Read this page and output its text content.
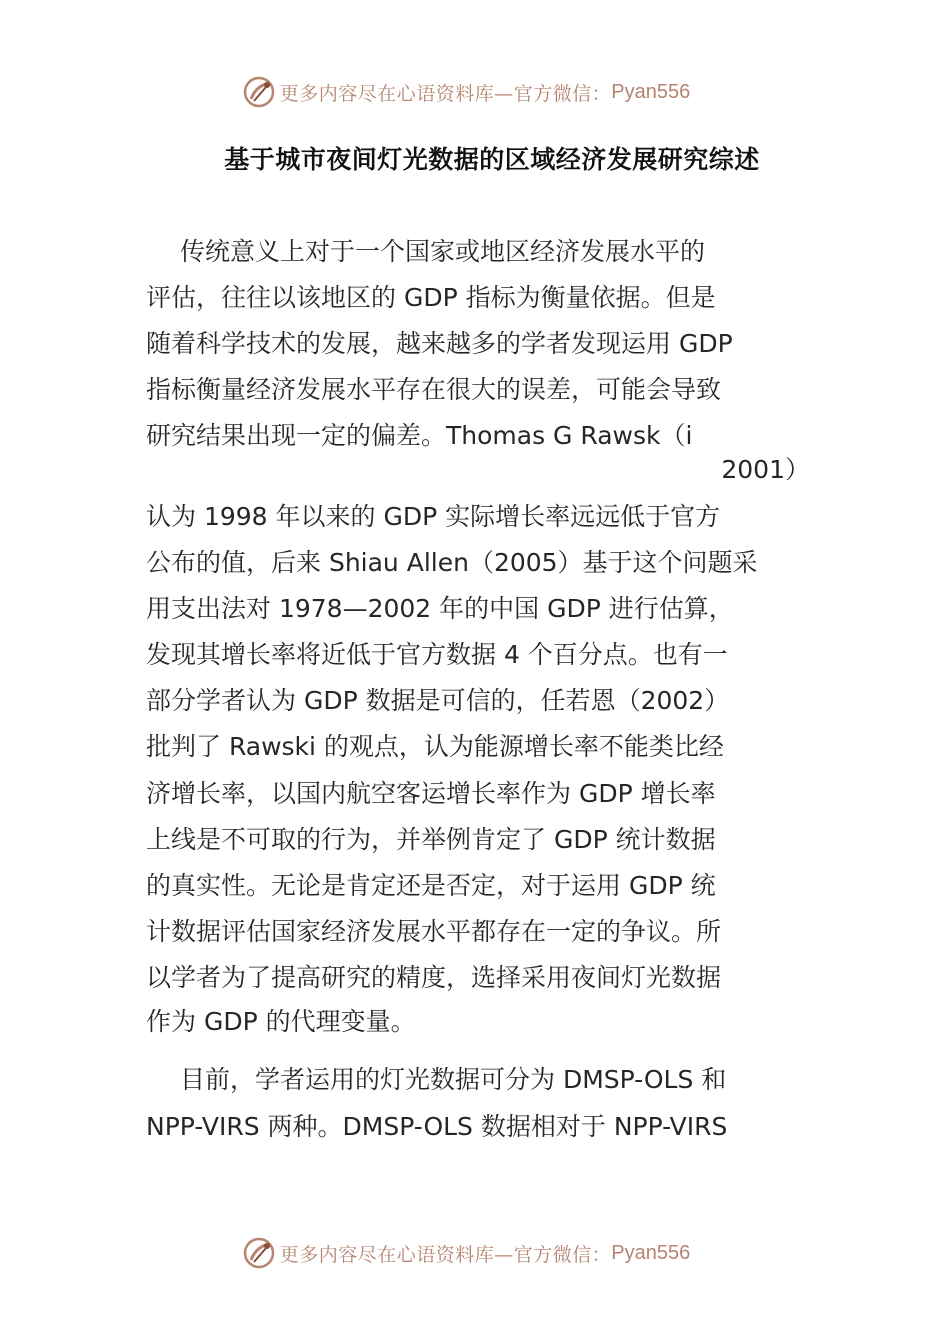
更多内容尽在心语资料库—官方微信： Pyan556
基于城市夜间灯光数据的区域经济发展研究综述
传统意义上对于一个国家或地区经济发展水平的
评估，往往以该地区的 GDP 指标为衡量依据。但是
随着科学技术的发展，越来越多的学者发现运用 GDP
指标衡量经济发展水平存在很大的误差，可能会导致
研究结果出现一定的偏差。Thomas G Rawsk（i
2001）
认为 1998 年以来的 GDP 实际增长率远远低于官方
公布的值，后来 Shiau Allen（2005）基于这个问题采
用支出法对 1978—2002 年的中国 GDP 进行估算，
发现其增长率将近低于官方数据 4 个百分点。也有一
部分学者认为 GDP 数据是可信的，任若恩（2002）
批判了 Rawski 的观点，认为能源增长率不能类比经
济增长率，以国内航空客运增长率作为 GDP 增长率
上线是不可取的行为，并举例肯定了 GDP 统计数据
的真实性。无论是肯定还是否定，对于运用 GDP 统
计数据评估国家经济发展水平都存在一定的争议。所
以学者为了提高研究的精度，选择采用夜间灯光数据
作为 GDP 的代理变量。
目前，学者运用的灯光数据可分为 DMSP-OLS 和
NPP-VIRS 两种。DMSP-OLS 数据相对于 NPP-VIRS
更多内容尽在心语资料库—官方微信： Pyan556
